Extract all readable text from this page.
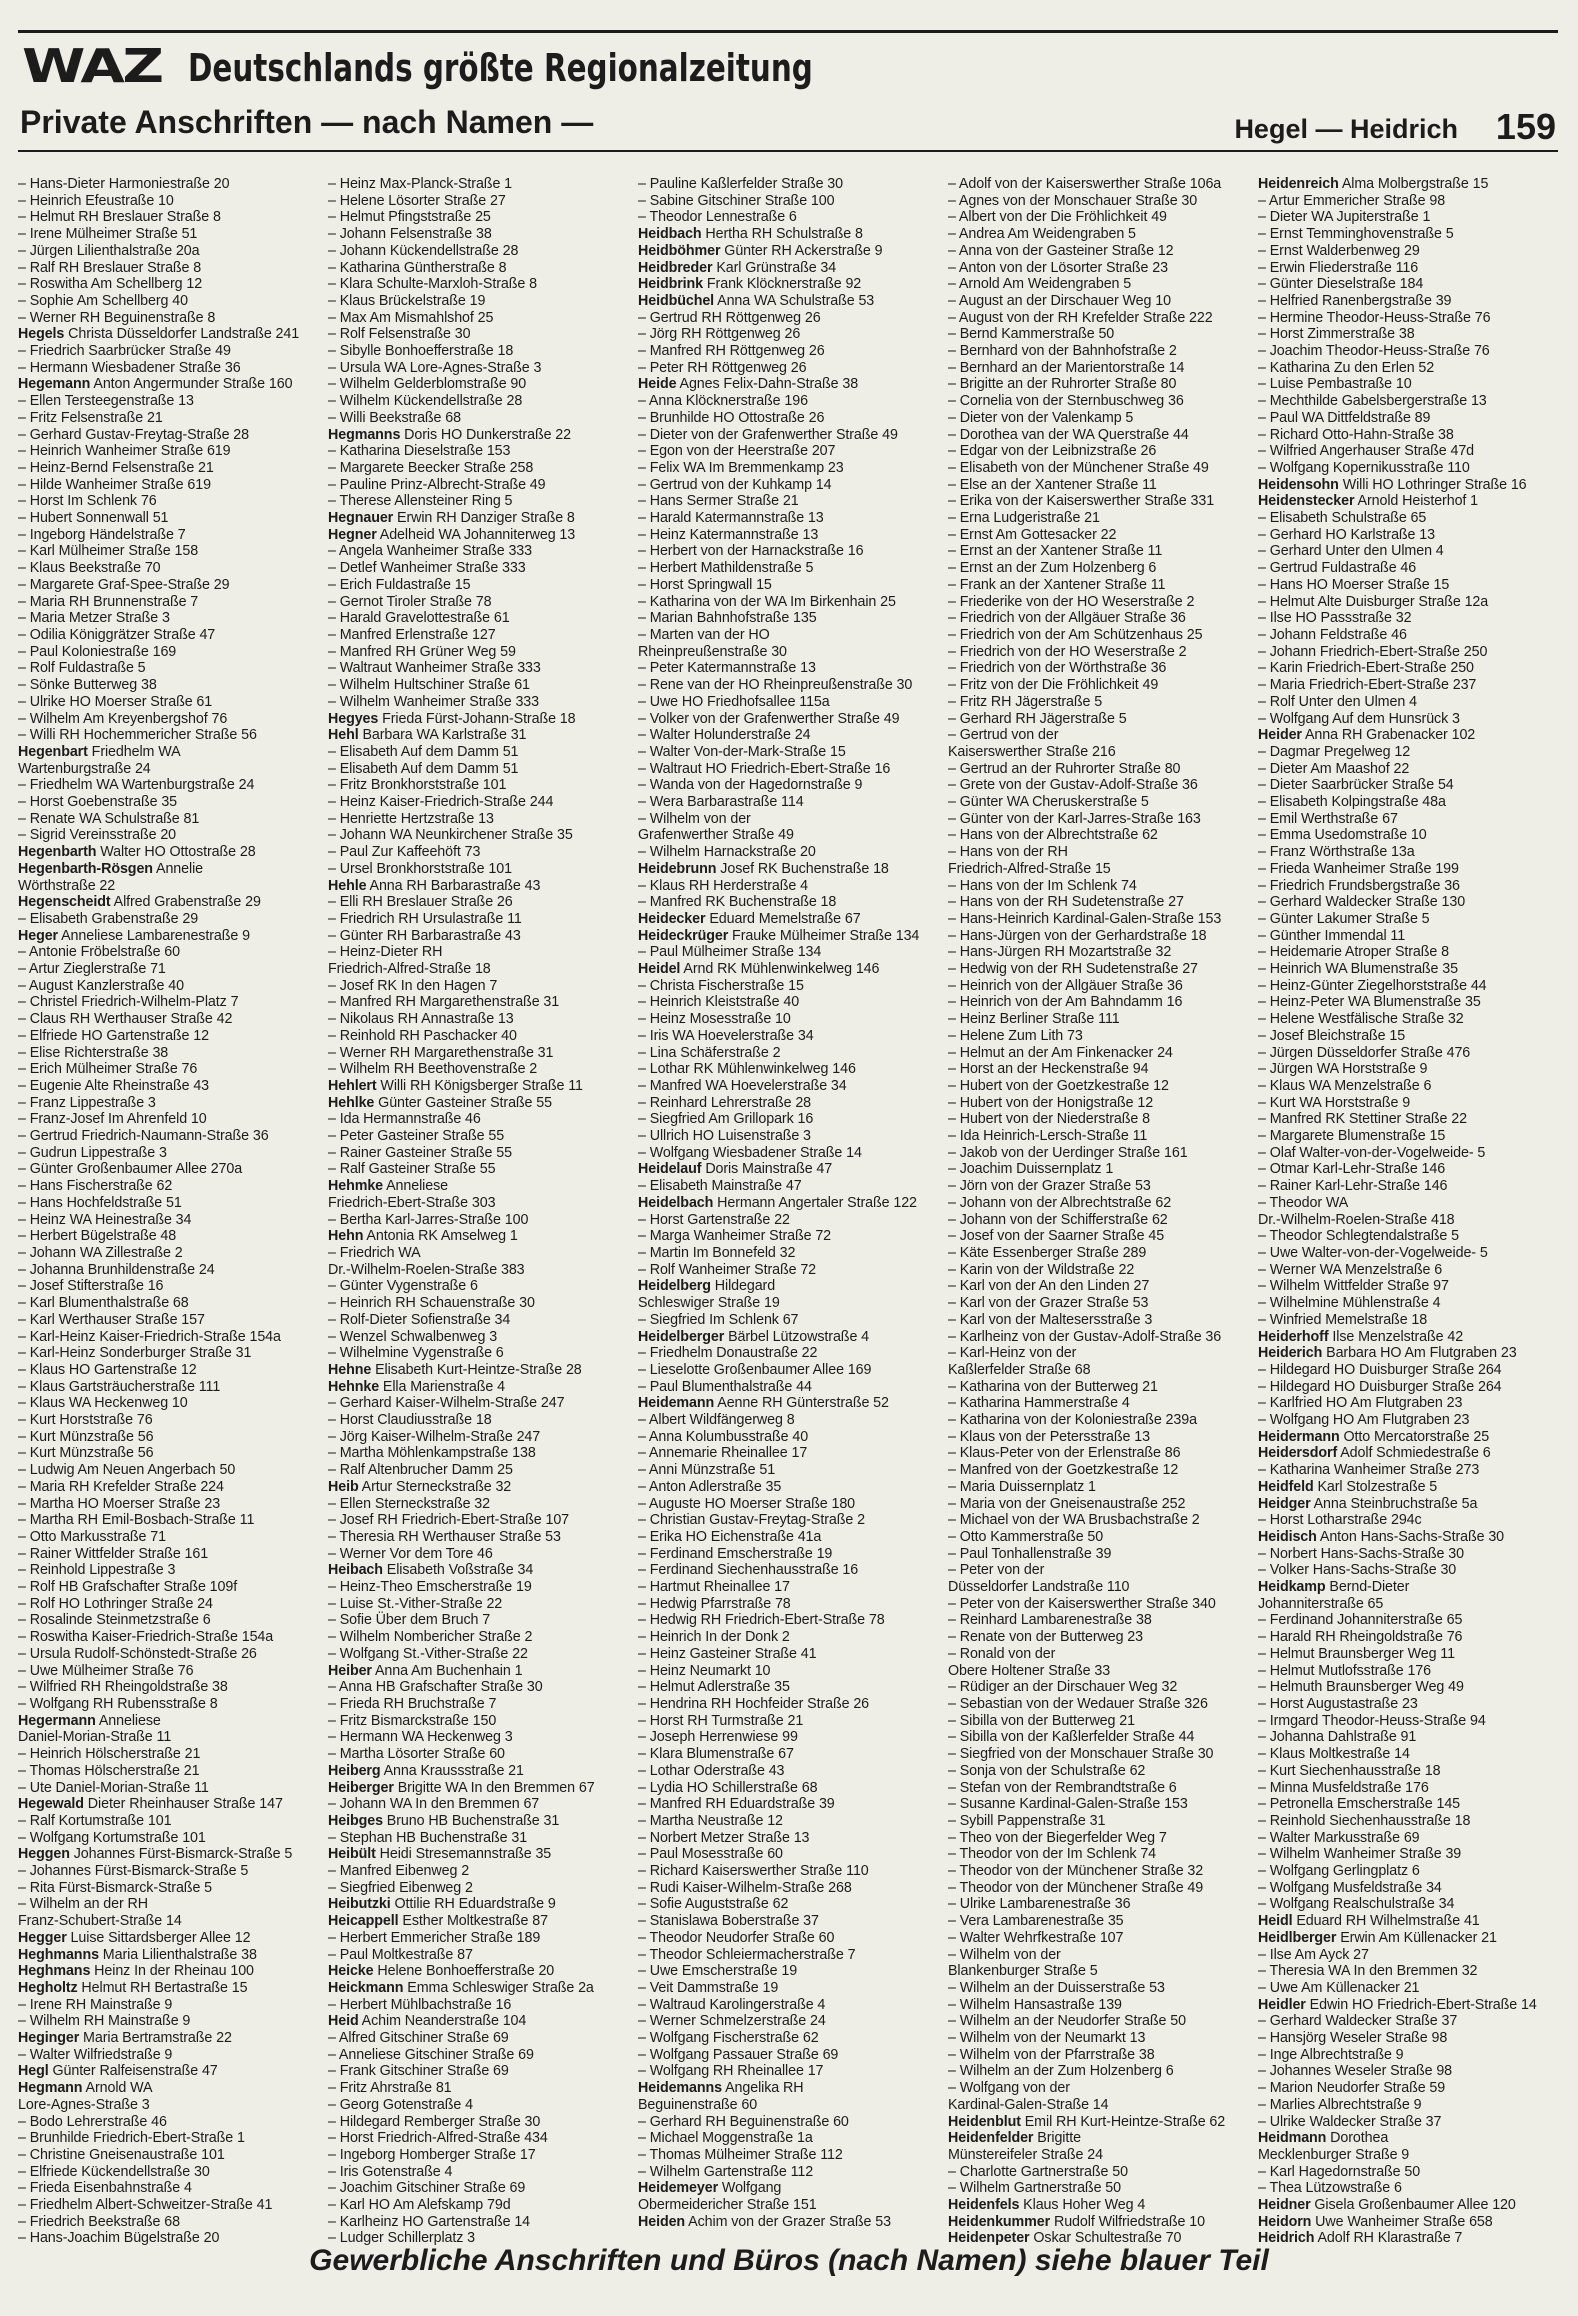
WAZ Deutschlands größte Regionalzeitung
Private Anschriften — nach Namen —	Hegel — Heidrich 159
– Hans-Dieter Harmoniestraße 20
– Heinrich Efeustraße 10
– Helmut RH Breslauer Straße 8
– Irene Mülheimer Straße 51
– Jürgen Lilienthalstraße 20a
– Ralf RH Breslauer Straße 8
– Roswitha Am Schellberg 12
– Sophie Am Schellberg 40
– Werner RH Beguinenstraße 8
Hegels Christa Düsseldorfer Landstraße 241
– Friedrich Saarbrücker Straße 49
– Hermann Wiesbadener Straße 36
Hegemann Anton Angermunder Straße 160
– Ellen Tersteegenstraße 13
– Fritz Felsenstraße 21
– Gerhard Gustav-Freytag-Straße 28
– Heinrich Wanheimer Straße 619
– Heinz-Bernd Felsenstraße 21
– Hilde Wanheimer Straße 619
– Horst Im Schlenk 76
– Hubert Sonnenwall 51
– Ingeborg Händelstraße 7
– Karl Mülheimer Straße 158
– Klaus Beekstraße 70
– Margarete Graf-Spee-Straße 29
– Maria RH Brunnenstraße 7
– Maria Metzer Straße 3
– Odilia Königgrätzer Straße 47
– Paul Koloniestraße 169
– Rolf Fuldastraße 5
– Sönke Butterweg 38
– Ulrike HO Moerser Straße 61
– Wilhelm Am Kreyenbergshof 76
– Willi RH Hochemmericher Straße 56
Hegenbart Friedhelm WA
Wartenburgstraße 24
– Friedhelm WA Wartenburgstraße 24
– Horst Goebenstraße 35
– Renate WA Schulstraße 81
– Sigrid Vereinsstraße 20
Hegenbarth Walter HO Ottostraße 28
Hegenbarth-Rösgen Annelie
Wörthstraße 22
Hegenscheidt Alfred Grabenstraße 29
– Elisabeth Grabenstraße 29
Heger Anneliese Lambarenestraße 9
– Antonie Fröbelstraße 60
– Artur Zieglerstraße 71
– August Kanzlerstraße 40
– Christel Friedrich-Wilhelm-Platz 7
– Claus RH Werthauser Straße 42
– Elfriede HO Gartenstraße 12
– Elise Richterstraße 38
– Erich Mülheimer Straße 76
– Eugenie Alte Rheinstraße 43
– Franz Lippestraße 3
– Franz-Josef Im Ahrenfeld 10
– Gertrud Friedrich-Naumann-Straße 36
– Gudrun Lippestraße 3
– Günter Großenbaumer Allee 270a
– Hans Fischerstraße 62
– Hans Hochfeldstraße 51
– Heinz WA Heinestraße 34
– Herbert Bügelstraße 48
– Johann WA Zillestraße 2
– Johanna Brunhildenstraße 24
– Josef Stifterstraße 16
– Karl Blumenthalstraße 68
– Karl Werthauser Straße 157
– Karl-Heinz Kaiser-Friedrich-Straße 154a
– Karl-Heinz Sonderburger Straße 31
– Klaus HO Gartenstraße 12
– Klaus Gartsträucherstraße 111
– Klaus WA Heckenweg 10
– Kurt Horststraße 76
– Kurt Münzstraße 56
– Kurt Münzstraße 56
– Ludwig Am Neuen Angerbach 50
– Maria RH Krefelder Straße 224
– Martha HO Moerser Straße 23
– Martha RH Emil-Bosbach-Straße 11
– Otto Markusstraße 71
– Rainer Wittfelder Straße 161
– Reinhold Lippestraße 3
– Rolf HB Grafschafter Straße 109f
– Rolf HO Lothringer Straße 24
– Rosalinde Steinmetzstraße 6
– Roswitha Kaiser-Friedrich-Straße 154a
– Ursula Rudolf-Schönstedt-Straße 26
– Uwe Mülheimer Straße 76
– Wilfried RH Rheingoldstraße 38
– Wolfgang RH Rubensstraße 8
Hegermann Anneliese
Daniel-Morian-Straße 11
– Heinrich Hölscherstraße 21
– Thomas Hölscherstraße 21
– Ute Daniel-Morian-Straße 11
Hegewald Dieter Rheinhauser Straße 147
– Ralf Kortumstraße 101
– Wolfgang Kortumstraße 101
Heggen Johannes Fürst-Bismarck-Straße 5
– Johannes Fürst-Bismarck-Straße 5
– Rita Fürst-Bismarck-Straße 5
– Wilhelm an der RH
Franz-Schubert-Straße 14
Hegger Luise Sittardsberger Allee 12
Heghmanns Maria Lilienthalstraße 38
Heghmans Heinz In der Rheinau 100
Hegholtz Helmut RH Bertastraße 15
– Irene RH Mainstraße 9
– Wilhelm RH Mainstraße 9
Heginger Maria Bertramstraße 22
– Walter Wilfriedstraße 9
Hegl Günter Ralfeisenstraße 47
Hegmann Arnold WA
Lore-Agnes-Straße 3
– Bodo Lehrerstraße 46
– Brunhilde Friedrich-Ebert-Straße 1
– Christine Gneisenaustraße 101
– Elfriede Kückendellstraße 30
– Frieda Eisenbahnstraße 4
– Friedhelm Albert-Schweitzer-Straße 41
– Friedrich Beekstraße 68
– Hans-Joachim Bügelstraße 20
– Heinz Max-Planck-Straße 1
– Helene Lösorter Straße 27
– Helmut Pfingststraße 25
– Johann Felsenstraße 38
– Johann Kückendellstraße 28
– Katharina Güntherstraße 8
– Klara Schulte-Marxloh-Straße 8
– Klaus Brückelstraße 19
– Max Am Mismahlshof 25
– Rolf Felsenstraße 30
– Sibylle Bonhoefferstraße 18
– Ursula WA Lore-Agnes-Straße 3
– Wilhelm Gelderblomstraße 90
– Wilhelm Kückendellstraße 28
– Willi Beekstraße 68
Hegmanns Doris HO Dunkerstraße 22
– Katharina Dieselstraße 153
– Margarete Beecker Straße 258
– Pauline Prinz-Albrecht-Straße 49
– Therese Allensteiner Ring 5
Hegnauer Erwin RH Danziger Straße 8
Hegner Adelheid WA Johanniterweg 13
– Angela Wanheimer Straße 333
– Detlef Wanheimer Straße 333
– Erich Fuldastraße 15
– Gernot Tiroler Straße 78
– Harald Gravelottestraße 61
– Manfred Erlenstraße 127
– Manfred RH Grüner Weg 59
– Waltraut Wanheimer Straße 333
– Wilhelm Hultschiner Straße 61
– Wilhelm Wanheimer Straße 333
Hegyes Frieda Fürst-Johann-Straße 18
Hehl Barbara WA Karlstraße 31
– Elisabeth Auf dem Damm 51
– Elisabeth Auf dem Damm 51
– Fritz Bronkhorststraße 101
– Heinz Kaiser-Friedrich-Straße 244
– Henriette Hertzstraße 13
– Johann WA Neunkirchener Straße 35
– Paul Zur Kaffeehöft 73
– Ursel Bronkhorststraße 101
Hehle Anna RH Barbarastraße 43
– Elli RH Breslauer Straße 26
– Friedrich RH Ursulastraße 11
– Günter RH Barbarastraße 43
– Heinz-Dieter RH
Friedrich-Alfred-Straße 18
– Josef RK In den Hagen 7
– Manfred RH Margarethenstraße 31
– Nikolaus RH Annastraße 13
– Reinhold RH Paschacker 40
– Werner RH Margarethenstraße 31
– Wilhelm RH Beethovenstraße 2
Hehlert Willi RH Königsberger Straße 11
Hehlke Günter Gasteiner Straße 55
– Ida Hermannstraße 46
– Peter Gasteiner Straße 55
– Rainer Gasteiner Straße 55
– Ralf Gasteiner Straße 55
Hehmke Anneliese
Friedrich-Ebert-Straße 303
– Bertha Karl-Jarres-Straße 100
Hehn Antonia RK Amselweg 1
– Friedrich WA
Dr.-Wilhelm-Roelen-Straße 383
– Günter Vygenstraße 6
– Heinrich RH Schauenstraße 30
– Rolf-Dieter Sofienstraße 34
– Wenzel Schwalbenweg 3
– Wilhelmine Vygenstraße 6
Hehne Elisabeth Kurt-Heintze-Straße 28
Hehnke Ella Marienstraße 4
– Gerhard Kaiser-Wilhelm-Straße 247
– Horst Claudiusstraße 18
– Jörg Kaiser-Wilhelm-Straße 247
– Martha Möhlenkampstraße 138
– Ralf Altenbrucher Damm 25
Heib Artur Sterneckstraße 32
– Ellen Sterneckstraße 32
– Josef RH Friedrich-Ebert-Straße 107
– Theresia RH Werthauser Straße 53
– Werner Vor dem Tore 46
Heibach Elisabeth Voßstraße 34
– Heinz-Theo Emscherstraße 19
– Luise St.-Vither-Straße 22
– Sofie Über dem Bruch 7
– Wilhelm Nombericher Straße 2
– Wolfgang St.-Vither-Straße 22
Heiber Anna Am Buchenhain 1
– Anna HB Grafschafter Straße 30
– Frieda RH Bruchstraße 7
– Fritz Bismarckstraße 150
– Hermann WA Heckenweg 3
– Martha Lösorter Straße 60
Heiberg Anna Kraussstraße 21
Heiberger Brigitte WA In den Bremmen 67
– Johann WA In den Bremmen 67
Heibges Bruno HB Buchenstraße 31
– Stephan HB Buchenstraße 31
Heibült Heidi Stresemannstraße 35
– Manfred Eibenweg 2
– Siegfried Eibenweg 2
Heibutzki Ottilie RH Eduardstraße 9
Heicappell Esther Moltkestraße 87
– Herbert Emmericher Straße 189
– Paul Moltkestraße 87
Heicke Helene Bonhoefferstraße 20
Heickmann Emma Schleswiger Straße 2a
– Herbert Mühlbachstraße 16
Heid Achim Neanderstraße 104
– Alfred Gitschiner Straße 69
– Anneliese Gitschiner Straße 69
– Frank Gitschiner Straße 69
– Fritz Ahrstraße 81
– Georg Gotenstraße 4
– Hildegard Remberger Straße 30
– Horst Friedrich-Alfred-Straße 434
– Ingeborg Homberger Straße 17
– Iris Gotenstraße 4
– Joachim Gitschiner Straße 69
– Karl HO Am Alefskamp 79d
– Karlheinz HO Gartenstraße 14
– Ludger Schillerplatz 3
– Pauline Kaßlerfelder Straße 30
– Sabine Gitschiner Straße 100
– Theodor Lennestraße 6
Heidbach Hertha RH Schulstraße 8
Heidböhmer Günter RH Ackerstraße 9
Heidbreder Karl Grünstraße 34
Heidbrink Frank Klöcknerstraße 92
Heidbüchel Anna WA Schulstraße 53
– Gertrud RH Röttgenweg 26
– Jörg RH Röttgenweg 26
– Manfred RH Röttgenweg 26
– Peter RH Röttgenweg 26
Heide Agnes Felix-Dahn-Straße 38
– Anna Klöcknerstraße 196
– Brunhilde HO Ottostraße 26
– Dieter von der Grafenwerther Straße 49
– Egon von der Heerstraße 207
– Felix WA Im Bremmenkamp 23
– Gertrud von der Kuhkamp 14
– Hans Sermer Straße 21
– Harald Katermannstraße 13
– Heinz Katermannstraße 13
– Herbert von der Harnackstraße 16
– Herbert Mathildenstraße 5
– Horst Springwall 15
– Katharina von der WA Im Birkenhain 25
– Marian Bahnhofstraße 135
– Marten van der HO
Rheinpreußenstraße 30
– Peter Katermannstraße 13
– Rene van der HO Rheinpreußenstraße 30
– Uwe HO Friedhofsallee 115a
– Volker von der Grafenwerther Straße 49
– Walter Holunderstraße 24
– Walter Von-der-Mark-Straße 15
– Waltraut HO Friedrich-Ebert-Straße 16
– Wanda von der Hagedornstraße 9
– Wera Barbarastraße 114
– Wilhelm von der
Grafenwerther Straße 49
– Wilhelm Harnackstraße 20
Heidebrunn Josef RK Buchenstraße 18
– Klaus RH Herderstraße 4
– Manfred RK Buchenstraße 18
Heidecker Eduard Memelstraße 67
Heideckrüger Frauke Mülheimer Straße 134
– Paul Mülheimer Straße 134
Heidel Arnd RK Mühlenwinkelweg 146
– Christa Fischerstraße 15
– Heinrich Kleiststraße 40
– Heinz Mosesstraße 10
– Iris WA Hoevelerstraße 34
– Lina Schäferstraße 2
– Lothar RK Mühlenwinkelweg 146
– Manfred WA Hoevelerstraße 34
– Reinhard Lehrerstraße 28
– Siegfried Am Grillopark 16
– Ullrich HO Luisenstraße 3
– Wolfgang Wiesbadener Straße 14
Heidelauf Doris Mainstraße 47
– Elisabeth Mainstraße 47
Heidelbach Hermann Angertaler Straße 122
– Horst Gartenstraße 22
– Marga Wanheimer Straße 72
– Martin Im Bonnefeld 32
– Rolf Wanheimer Straße 72
Heidelberg Hildegard
Schleswiger Straße 19
– Siegfried Im Schlenk 67
Heidelberger Bärbel Lützowstraße 4
– Friedhelm Donaustraße 22
– Lieselotte Großenbaumer Allee 169
– Paul Blumenthalstraße 44
Heidemann Aenne RH Günterstraße 52
– Albert Wildfängerweg 8
– Anna Kolumbusstraße 40
– Annemarie Rheinallee 17
– Anni Münzstraße 51
– Anton Adlerstraße 35
– Auguste HO Moerser Straße 180
– Christian Gustav-Freytag-Straße 2
– Erika HO Eichenstraße 41a
– Ferdinand Emscherstraße 19
– Ferdinand Siechenhausstraße 16
– Hartmut Rheinallee 17
– Hedwig Pfarrstraße 78
– Hedwig RH Friedrich-Ebert-Straße 78
– Heinrich In der Donk 2
– Heinz Gasteiner Straße 41
– Heinz Neumarkt 10
– Helmut Adlerstraße 35
– Hendrina RH Hochfeider Straße 26
– Horst RH Turmstraße 21
– Joseph Herrenwiese 99
– Klara Blumenstraße 67
– Lothar Oderstraße 43
– Lydia HO Schillerstraße 68
– Manfred RH Eduardstraße 39
– Martha Neustraße 12
– Norbert Metzer Straße 13
– Paul Mosesstraße 60
– Richard Kaiserswerther Straße 110
– Rudi Kaiser-Wilhelm-Straße 268
– Sofie Auguststraße 62
– Stanislawa Boberstraße 37
– Theodor Neudorfer Straße 60
– Theodor Schleiermacherstraße 7
– Uwe Emscherstraße 19
– Veit Dammstraße 19
– Waltraud Karolingerstraße 4
– Werner Schmelzerstraße 24
– Wolfgang Fischerstraße 62
– Wolfgang Passauer Straße 69
– Wolfgang RH Rheinallee 17
Heidemanns Angelika RH
Beguinenstraße 60
– Gerhard RH Beguinenstraße 60
– Michael Moggenstraße 1a
– Thomas Mülheimer Straße 112
– Wilhelm Gartenstraße 112
Heidemeyer Wolfgang
Obermeidericher Straße 151
Heiden Achim von der Grazer Straße 53
– Adolf von der Kaiserswerther Straße 106a
– Agnes von der Monschauer Straße 30
– Albert von der Die Fröhlichkeit 49
– Andrea Am Weidengraben 5
– Anna von der Gasteiner Straße 12
– Anton von der Lösorter Straße 23
– Arnold Am Weidengraben 5
– August an der Dirschauer Weg 10
– August von der RH Krefelder Straße 222
– Bernd Kammerstraße 50
– Bernhard von der Bahnhofstraße 2
– Bernhard an der Marientorstraße 14
– Brigitte an der Ruhrorter Straße 80
– Cornelia von der Sternbuschweg 36
– Dieter von der Valenkamp 5
– Dorothea van der WA Querstraße 44
– Edgar von der Leibnizstraße 26
– Elisabeth von der Münchener Straße 49
– Else an der Xantener Straße 11
– Erika von der Kaiserswerther Straße 331
– Erna Ludgeristraße 21
– Ernst Am Gottesacker 22
– Ernst an der Xantener Straße 11
– Ernst an der Zum Holzenberg 6
– Frank an der Xantener Straße 11
– Friederike von der HO Weserstraße 2
– Friedrich von der Allgäuer Straße 36
– Friedrich von der Am Schützenhaus 25
– Friedrich von der HO Weserstraße 2
– Friedrich von der Wörthstraße 36
– Fritz von der Die Fröhlichkeit 49
– Fritz RH Jägerstraße 5
– Gerhard RH Jägerstraße 5
– Gertrud von der
Kaiserswerther Straße 216
– Gertrud an der Ruhrorter Straße 80
– Grete von der Gustav-Adolf-Straße 36
– Günter WA Cheruskerstraße 5
– Günter von der Karl-Jarres-Straße 163
– Hans von der Albrechtstraße 62
– Hans von der RH
Friedrich-Alfred-Straße 15
– Hans von der Im Schlenk 74
– Hans von der RH Sudetenstraße 27
– Hans-Heinrich Kardinal-Galen-Straße 153
– Hans-Jürgen von der Gerhardstraße 18
– Hans-Jürgen RH Mozartstraße 32
– Hedwig von der RH Sudetenstraße 27
– Heinrich von der Allgäuer Straße 36
– Heinrich von der Am Bahndamm 16
– Heinz Berliner Straße 111
– Helene Zum Lith 73
– Helmut an der Am Finkenacker 24
– Horst an der Heckenstraße 94
– Hubert von der Goetzkestraße 12
– Hubert von der Honigstraße 12
– Hubert von der Niederstraße 8
– Ida Heinrich-Lersch-Straße 11
– Jakob von der Uerdinger Straße 161
– Joachim Duissernplatz 1
– Jörn von der Grazer Straße 53
– Johann von der Albrechtstraße 62
– Johann von der Schifferstraße 62
– Josef von der Saarner Straße 45
– Käte Essenberger Straße 289
– Karin von der Wildstraße 22
– Karl von der An den Linden 27
– Karl von der Grazer Straße 53
– Karl von der Maltesersstraße 3
– Karlheinz von der Gustav-Adolf-Straße 36
– Karl-Heinz von der
Kaßlerfelder Straße 68
– Katharina von der Butterweg 21
– Katharina Hammerstraße 4
– Katharina von der Koloniestraße 239a
– Klaus von der Petersstraße 13
– Klaus-Peter von der Erlenstraße 86
– Manfred von der Goetzkestraße 12
– Maria Duissernplatz 1
– Maria von der Gneisenaustraße 252
– Michael von der WA Brusbachstraße 2
– Otto Kammerstraße 50
– Paul Tonhallenstraße 39
– Peter von der
Düsseldorfer Landstraße 110
– Peter von der Kaiserswerther Straße 340
– Reinhard Lambarenestraße 38
– Renate von der Butterweg 23
– Ronald von der
Obere Holtener Straße 33
– Rüdiger an der Dirschauer Weg 32
– Sebastian von der Wedauer Straße 326
– Sibilla von der Butterweg 21
– Sibilla von der Kaßlerfelder Straße 44
– Siegfried von der Monschauer Straße 30
– Sonja von der Schulstraße 62
– Stefan von der Rembrandtstraße 6
– Susanne Kardinal-Galen-Straße 153
– Sybill Pappenstraße 31
– Theo von der Biegerfelder Weg 7
– Theodor von der Im Schlenk 74
– Theodor von der Münchener Straße 32
– Theodor von der Münchener Straße 49
– Ulrike Lambarenestraße 36
– Vera Lambarenestraße 35
– Walter Wehrfkestraße 107
– Wilhelm von der
Blankenburger Straße 5
– Wilhelm an der Duisserstraße 53
– Wilhelm Hansastraße 139
– Wilhelm an der Neudorfer Straße 50
– Wilhelm von der Neumarkt 13
– Wilhelm von der Pfarrstraße 38
– Wilhelm an der Zum Holzenberg 6
– Wolfgang von der
Kardinal-Galen-Straße 14
Heidenblut Emil RH Kurt-Heintze-Straße 62
Heidenfelder Brigitte
Münstereifeler Straße 24
– Charlotte Gartnerstraße 50
– Wilhelm Gartnerstraße 50
Heidenfels Klaus Hoher Weg 4
Heidenkummer Rudolf Wilfriedstraße 10
Heidenpeter Oskar Schultestraße 70
Heidenreich Alma Molbergstraße 15
– Artur Emmericher Straße 98
– Dieter WA Jupiterstraße 1
– Ernst Temminghovenstraße 5
– Ernst Walderbenweg 29
– Erwin Fliederstraße 116
– Günter Dieselstraße 184
– Helfried Ranenbergstraße 39
– Hermine Theodor-Heuss-Straße 76
– Horst Zimmerstraße 38
– Joachim Theodor-Heuss-Straße 76
– Katharina Zu den Erlen 52
– Luise Pembastraße 10
– Mechthilde Gabelsbergerstraße 13
– Paul WA Dittfeldstraße 89
– Richard Otto-Hahn-Straße 38
– Wilfried Angerhauser Straße 47d
– Wolfgang Kopernikusstraße 110
Heidensohn Willi HO Lothringer Straße 16
Heidenstecker Arnold Heisterhof 1
– Elisabeth Schulstraße 65
– Gerhard HO Karlstraße 13
– Gerhard Unter den Ulmen 4
– Gertrud Fuldastraße 46
– Hans HO Moerser Straße 15
– Helmut Alte Duisburger Straße 12a
– Ilse HO Passstraße 32
– Johann Feldstraße 46
– Johann Friedrich-Ebert-Straße 250
– Karin Friedrich-Ebert-Straße 250
– Maria Friedrich-Ebert-Straße 237
– Rolf Unter den Ulmen 4
– Wolfgang Auf dem Hunsrück 3
Heider Anna RH Grabenacker 102
– Dagmar Pregelweg 12
– Dieter Am Maashof 22
– Dieter Saarbrücker Straße 54
– Elisabeth Kolpingstraße 48a
– Emil Werthstraße 67
– Emma Usedomstraße 10
– Franz Wörthstraße 13a
– Frieda Wanheimer Straße 199
– Friedrich Frundsbergstraße 36
– Gerhard Waldecker Straße 130
– Günter Lakumer Straße 5
– Günther Immendal 11
– Heidemarie Atroper Straße 8
– Heinrich WA Blumenstraße 35
– Heinz-Günter Ziegelhorststraße 44
– Heinz-Peter WA Blumenstraße 35
– Helene Westfälische Straße 32
– Josef Bleichstraße 15
– Jürgen Düsseldorfer Straße 476
– Jürgen WA Horststraße 9
– Klaus WA Menzelstraße 6
– Kurt WA Horststraße 9
– Manfred RK Stettiner Straße 22
– Margarete Blumenstraße 15
– Olaf Walter-von-der-Vogelweide- 5
– Otmar Karl-Lehr-Straße 146
– Rainer Karl-Lehr-Straße 146
– Theodor WA
Dr.-Wilhelm-Roelen-Straße 418
– Theodor Schlegtendalstraße 5
– Uwe Walter-von-der-Vogelweide- 5
– Werner WA Menzelstraße 6
– Wilhelm Wittfelder Straße 97
– Wilhelmine Mühlenstraße 4
– Winfried Memelstraße 18
Heiderhoff Ilse Menzelstraße 42
Heiderich Barbara HO Am Flutgraben 23
– Hildegard HO Duisburger Straße 264
– Hildegard HO Duisburger Straße 264
– Karlfried HO Am Flutgraben 23
– Wolfgang HO Am Flutgraben 23
Heidermann Otto Mercatorstraße 25
Heidersdorf Adolf Schmiedestraße 6
– Katharina Wanheimer Straße 273
Heidfeld Karl Stolzestraße 5
Heidger Anna Steinbruchstraße 5a
– Horst Lotharstraße 294c
Heidisch Anton Hans-Sachs-Straße 30
– Norbert Hans-Sachs-Straße 30
– Volker Hans-Sachs-Straße 30
Heidkamp Bernd-Dieter
Johanniterstraße 65
– Ferdinand Johanniterstraße 65
– Harald RH Rheingoldstraße 76
– Helmut Braunsberger Weg 11
– Helmut Mutlofsstraße 176
– Helmuth Braunsberger Weg 49
– Horst Augustastraße 23
– Irmgard Theodor-Heuss-Straße 94
– Johanna Dahlstraße 91
– Klaus Moltkestraße 14
– Kurt Siechenhausstraße 18
– Minna Musfeldstraße 176
– Petronella Emscherstraße 145
– Reinhold Siechenhausstraße 18
– Walter Markusstraße 69
– Wilhelm Wanheimer Straße 39
– Wolfgang Gerlingplatz 6
– Wolfgang Musfeldstraße 34
– Wolfgang Realschulstraße 34
Heidl Eduard RH Wilhelmstraße 41
Heidlberger Erwin Am Küllenacker 21
– Ilse Am Ayck 27
– Theresia WA In den Bremmen 32
– Uwe Am Küllenacker 21
Heidler Edwin HO Friedrich-Ebert-Straße 14
– Gerhard Waldecker Straße 37
– Hansjörg Weseler Straße 98
– Inge Albrechtstraße 9
– Johannes Weseler Straße 98
– Marion Neudorfer Straße 59
– Marlies Albrechtstraße 9
– Ulrike Waldecker Straße 37
Heidmann Dorothea
Mecklenburger Straße 9
– Karl Hagedornstraße 50
– Thea Lützowstraße 6
Heidner Gisela Großenbaumer Allee 120
Heidorn Uwe Wanheimer Straße 658
Heidrich Adolf RH Klarastraße 7
Gewerbliche Anschriften und Büros (nach Namen) siehe blauer Teil
